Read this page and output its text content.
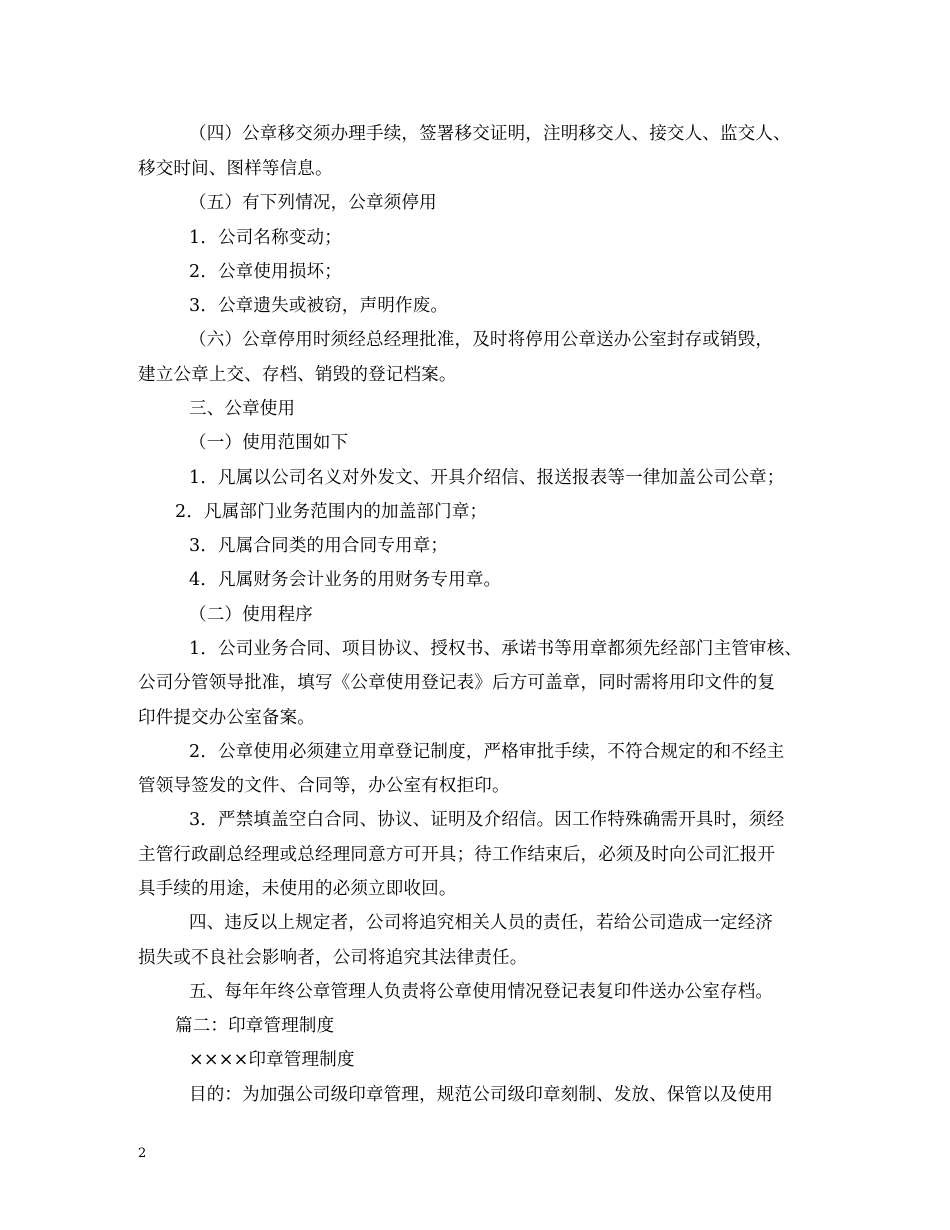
（四）公章移交须办理手续，签署移交证明，注明移交人、接交人、监交人、
移交时间、图样等信息。
（五）有下列情况，公章须停用
1．公司名称变动；
2．公章使用损坏；
3．公章遗失或被窃，声明作废。
（六）公章停用时须经总经理批准，及时将停用公章送办公室封存或销毁，
建立公章上交、存档、销毁的登记档案。
三、公章使用
（一）使用范围如下
1．凡属以公司名义对外发文、开具介绍信、报送报表等一律加盖公司公章；
2．凡属部门业务范围内的加盖部门章；
3．凡属合同类的用合同专用章；
4．凡属财务会计业务的用财务专用章。
（二）使用程序
1．公司业务合同、项目协议、授权书、承诺书等用章都须先经部门主管审核、
公司分管领导批准，填写《公章使用登记表》后方可盖章，同时需将用印文件的复
印件提交办公室备案。
2．公章使用必须建立用章登记制度，严格审批手续，不符合规定的和不经主
管领导签发的文件、合同等，办公室有权拒印。
3．严禁填盖空白合同、协议、证明及介绍信。因工作特殊确需开具时，须经
主管行政副总经理或总经理同意方可开具；待工作结束后，必须及时向公司汇报开
具手续的用途，未使用的必须立即收回。
四、违反以上规定者，公司将追究相关人员的责任，若给公司造成一定经济
损失或不良社会影响者，公司将追究其法律责任。
五、每年年终公章管理人负责将公章使用情况登记表复印件送办公室存档。
篇二：印章管理制度
××××印章管理制度
目的：为加强公司级印章管理，规范公司级印章刻制、发放、保管以及使用
2
